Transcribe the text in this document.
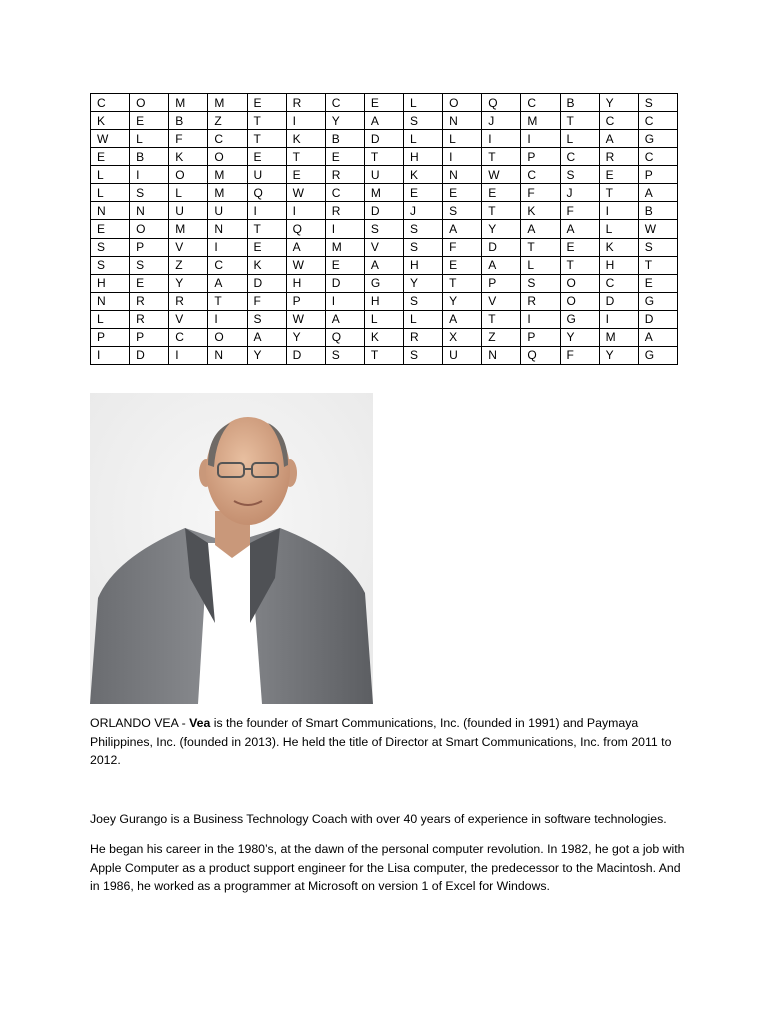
C	O	M	M	E	R	C	E	L	O	Q	C	B	Y	S
K	E	B	Z	T	I	Y	A	S	N	J	M	T	C	C
W	L	F	C	T	K	B	D	L	L	I	I	L	A	G
E	B	K	O	E	T	E	T	H	I	T	P	C	R	C
L	I	O	M	U	E	R	U	K	N	W	C	S	E	P
L	S	L	M	Q	W	C	M	E	E	E	F	J	T	A
N	N	U	U	I	I	R	D	J	S	T	K	F	I	B
E	O	M	N	T	Q	I	S	S	A	Y	A	A	L	W
S	P	V	I	E	A	M	V	S	F	D	T	E	K	S
S	S	Z	C	K	W	E	A	H	E	A	L	T	H	T
H	E	Y	A	D	H	D	G	Y	T	P	S	O	C	E
N	R	R	T	F	P	I	H	S	Y	V	R	O	D	G
L	R	V	I	S	W	A	L	L	A	T	I	G	I	D
P	P	C	O	A	Y	Q	K	R	X	Z	P	Y	M	A
I	D	I	N	Y	D	S	T	S	U	N	Q	F	Y	G

ORLANDO VEA - Vea is the founder of Smart Communications, Inc. (founded in 1991) and Paymaya Philippines, Inc. (founded in 2013). He held the title of Director at Smart Communications, Inc. from 2011 to 2012.

Joey Gurango is a Business Technology Coach with over 40 years of experience in software technologies.

He began his career in the 1980’s, at the dawn of the personal computer revolution. In 1982, he got a job with Apple Computer as a product support engineer for the Lisa computer, the predecessor to the Macintosh. And in 1986, he worked as a programmer at Microsoft on version 1 of Excel for Windows.
